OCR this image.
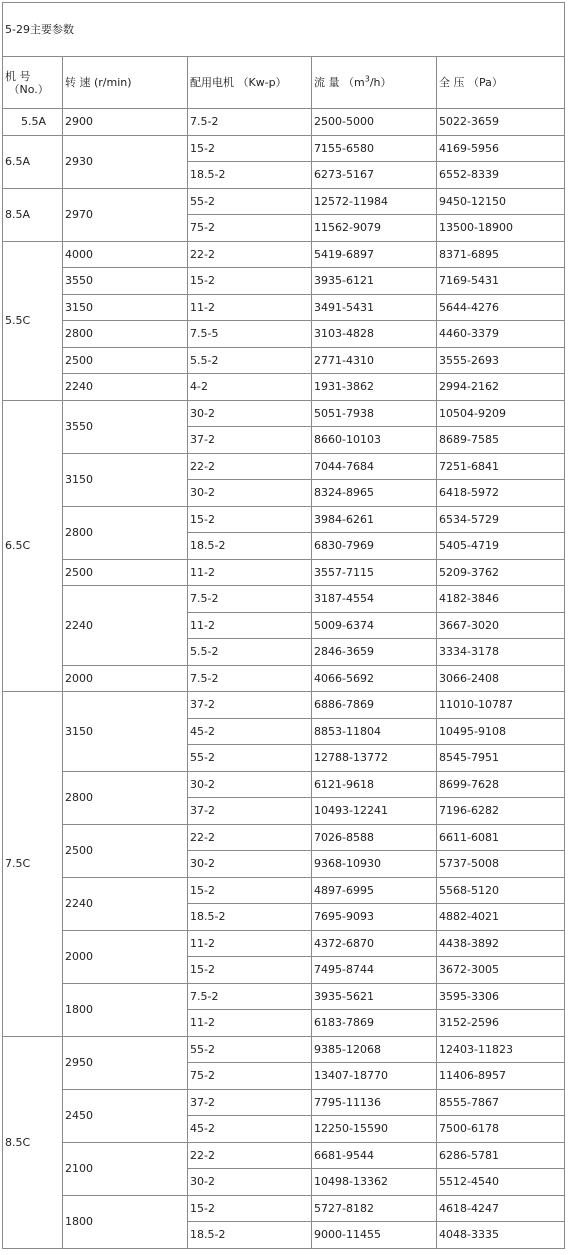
5-29主要参数				
机 号
（No.）	转 速 (r/min)	配用电机 （Kw-p）	流 量 $(m^3/h)$	全 压 （Pa）
5.5A	2900	7.5-2	2500-5000	5022-3659
6.5A	2930	15-2	7155-6580	4169-5956
		18.5-2	6273-5167	6552-8339
8.5A	2970	55-2	12572-11984	9450-12150
		75-2	11562-9079	13500-18900
5.5C	4000	22-2	5419-6897	8371-6895
	3550	15-2	3935-6121	7169-5431
	3150	11-2	3491-5431	5644-4276
	2800	7.5-5	3103-4828	4460-3379
	2500	5.5-2	2771-4310	3555-2693
	2240	4-2	1931-3862	2994-2162
6.5C	3550	30-2	5051-7938	10504-9209
		37-2	8660-10103	8689-7585
	3150	22-2	7044-7684	7251-6841
		30-2	8324-8965	6418-5972
	2800	15-2	3984-6261	6534-5729
		18.5-2	6830-7969	5405-4719
	2500	11-2	3557-7115	5209-3762
	2240	7.5-2	3187-4554	4182-3846
		11-2	5009-6374	3667-3020
		5.5-2	2846-3659	3334-3178
	2000	7.5-2	4066-5692	3066-2408
7.5C	3150	37-2	6886-7869	11010-10787
		45-2	8853-11804	10495-9108
		55-2	12788-13772	8545-7951
	2800	30-2	6121-9618	8699-7628
		37-2	10493-12241	7196-6282
	2500	22-2	7026-8588	6611-6081
		30-2	9368-10930	5737-5008
	2240	15-2	4897-6995	5568-5120
		18.5-2	7695-9093	4882-4021
	2000	11-2	4372-6870	4438-3892
		15-2	7495-8744	3672-3005
	1800	7.5-2	3935-5621	3595-3306
		11-2	6183-7869	3152-2596
8.5C	2950	55-2	9385-12068	12403-11823
		75-2	13407-18770	11406-8957
	2450	37-2	7795-11136	8555-7867
		45-2	12250-15590	7500-6178
	2100	22-2	6681-9544	6286-5781
		30-2	10498-13362	5512-4540
	1800	15-2	5727-8182	4618-4247
		18.5-2	9000-11455	4048-3335
